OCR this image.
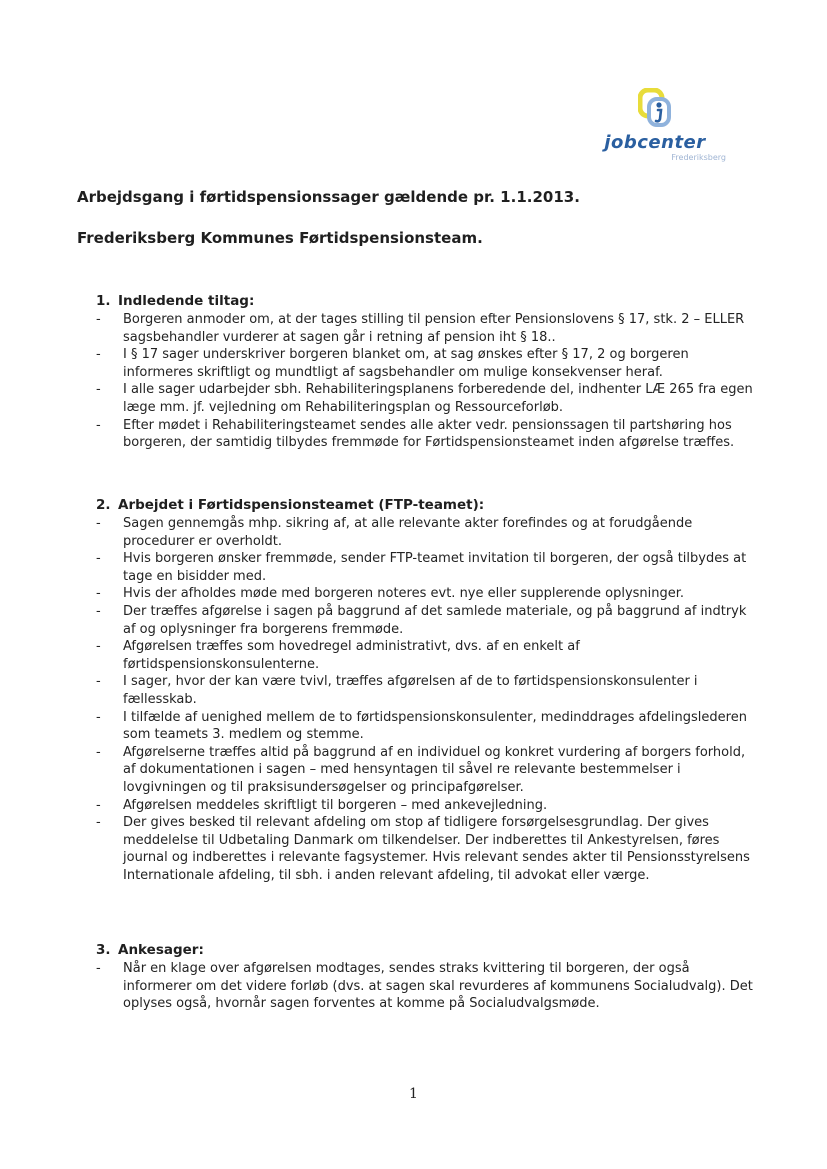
jobcenter
Frederiksberg
Arbejdsgang i førtidspensionssager gældende pr. 1.1.2013.
Frederiksberg Kommunes Førtidspensionsteam.

1. Indledende tiltag:

- Borgeren anmoder om, at der tages stilling til pension efter Pensionslovens § 17, stk. 2 – ELLER sagsbehandler vurderer at sagen går i retning af pension iht § 18..
- I § 17 sager underskriver borgeren blanket om, at sag ønskes efter § 17, 2 og borgeren informeres skriftligt og mundtligt af sagsbehandler om mulige konsekvenser heraf.
- I alle sager udarbejder sbh. Rehabiliteringsplanens forberedende del, indhenter LÆ 265 fra egen læge mm. jf. vejledning om Rehabiliteringsplan og Ressourceforløb.
- Efter mødet i Rehabiliteringsteamet sendes alle akter vedr. pensionssagen til partshøring hos borgeren, der samtidig tilbydes fremmøde for Førtidspensionsteamet inden afgørelse træffes.

2. Arbejdet i Førtidspensionsteamet (FTP-teamet):

- Sagen gennemgås mhp. sikring af, at alle relevante akter forefindes og at forudgående procedurer er overholdt.
- Hvis borgeren ønsker fremmøde, sender FTP-teamet invitation til borgeren, der også tilbydes at tage en bisidder med.
- Hvis der afholdes møde med borgeren noteres evt. nye eller supplerende oplysninger.
- Der træffes afgørelse i sagen på baggrund af det samlede materiale, og på baggrund af indtryk af og oplysninger fra borgerens fremmøde.
- Afgørelsen træffes som hovedregel administrativt, dvs. af en enkelt af førtidspensionskonsulenterne.
- I sager, hvor der kan være tvivl, træffes afgørelsen af de to førtidspensionskonsulenter i fællesskab.
- I tilfælde af uenighed mellem de to førtidspensionskonsulenter, medinddrages afdelingslederen som teamets 3. medlem og stemme.
- Afgørelserne træffes altid på baggrund af en individuel og konkret vurdering af borgers forhold, af dokumentationen i sagen – med hensyntagen til såvel re relevante bestemmelser i lovgivningen og til praksisundersøgelser og principafgørelser.
- Afgørelsen meddeles skriftligt til borgeren – med ankevejledning.
- Der gives besked til relevant afdeling om stop af tidligere forsørgelsesgrundlag. Der gives meddelelse til Udbetaling Danmark om tilkendelser. Der indberettes til Ankestyrelsen, føres journal og indberettes i relevante fagsystemer. Hvis relevant sendes akter til Pensionsstyrelsens Internationale afdeling, til sbh. i anden relevant afdeling, til advokat eller værge.

3. Ankesager:

- Når en klage over afgørelsen modtages, sendes straks kvittering til borgeren, der også informerer om det videre forløb (dvs. at sagen skal revurderes af kommunens Socialudvalg). Det oplyses også, hvornår sagen forventes at komme på Socialudvalgsmøde.
1
